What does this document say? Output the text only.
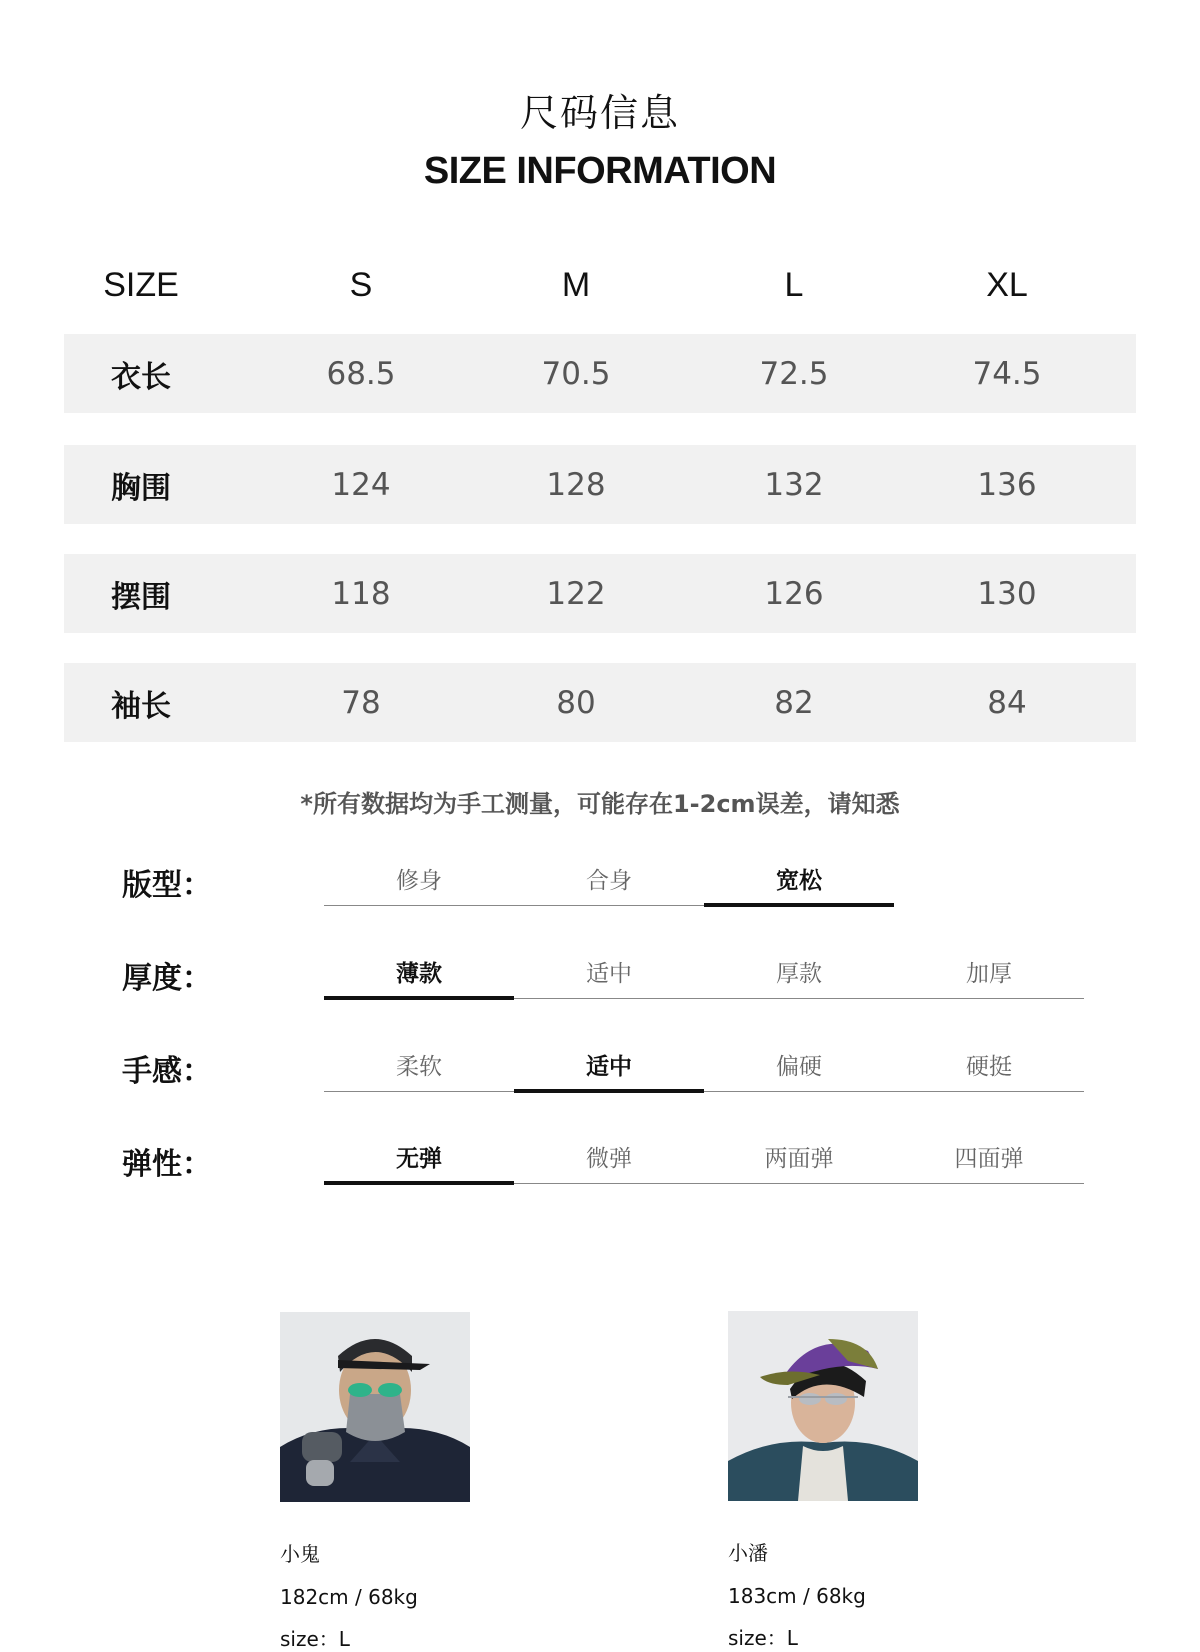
尺码信息
SIZE INFORMATION
SIZE	S	M	L	XL
衣长	68.5	70.5	72.5	74.5
胸围	124	128	132	136
摆围	118	122	126	130
袖长	78	80	82	84
*所有数据均为手工测量，可能存在1-2cm误差，请知悉
版型：	修身	合身	宽松
厚度：	薄款	适中	厚款	加厚
手感：	柔软	适中	偏硬	硬挺
弹性：	无弹	微弹	两面弹	四面弹
小鬼
182cm / 68kg
size：L
小潘
183cm / 68kg
size：L
